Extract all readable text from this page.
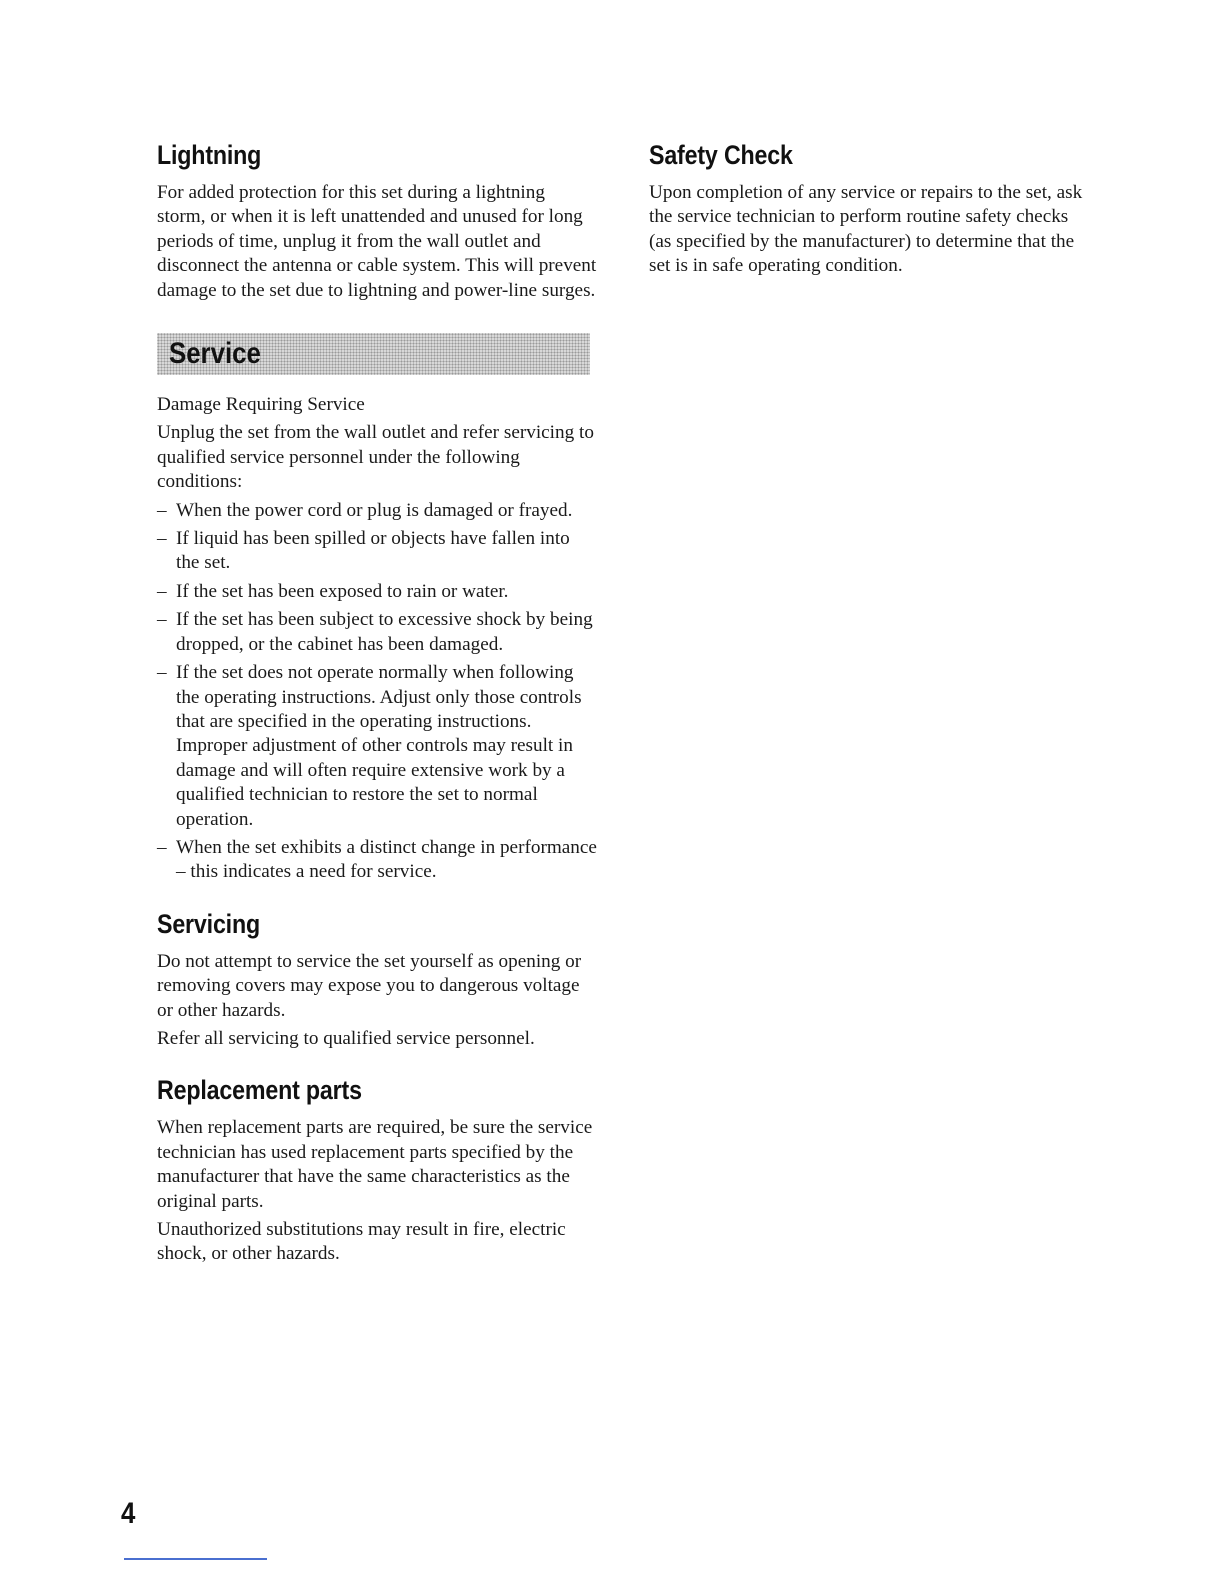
Lightning

For added protection for this set during a lightning storm, or when it is left unattended and unused for long periods of time, unplug it from the wall outlet and disconnect the antenna or cable system. This will prevent damage to the set due to lightning and power-line surges.

Service

Damage Requiring Service

Unplug the set from the wall outlet and refer servicing to qualified service personnel under the following conditions:

– When the power cord or plug is damaged or frayed.
– If liquid has been spilled or objects have fallen into the set.
– If the set has been exposed to rain or water.
– If the set has been subject to excessive shock by being dropped, or the cabinet has been damaged.
– If the set does not operate normally when following the operating instructions. Adjust only those controls that are specified in the operating instructions. Improper adjustment of other controls may result in damage and will often require extensive work by a qualified technician to restore the set to normal operation.
– When the set exhibits a distinct change in performance – this indicates a need for service.
Servicing

Do not attempt to service the set yourself as opening or removing covers may expose you to dangerous voltage or other hazards.

Refer all servicing to qualified service personnel.

Replacement parts

When replacement parts are required, be sure the service technician has used replacement parts specified by the manufacturer that have the same characteristics as the original parts.

Unauthorized substitutions may result in fire, electric shock, or other hazards.

Safety Check

Upon completion of any service or repairs to the set, ask the service technician to perform routine safety checks (as specified by the manufacturer) to determine that the set is in safe operating condition.

4
